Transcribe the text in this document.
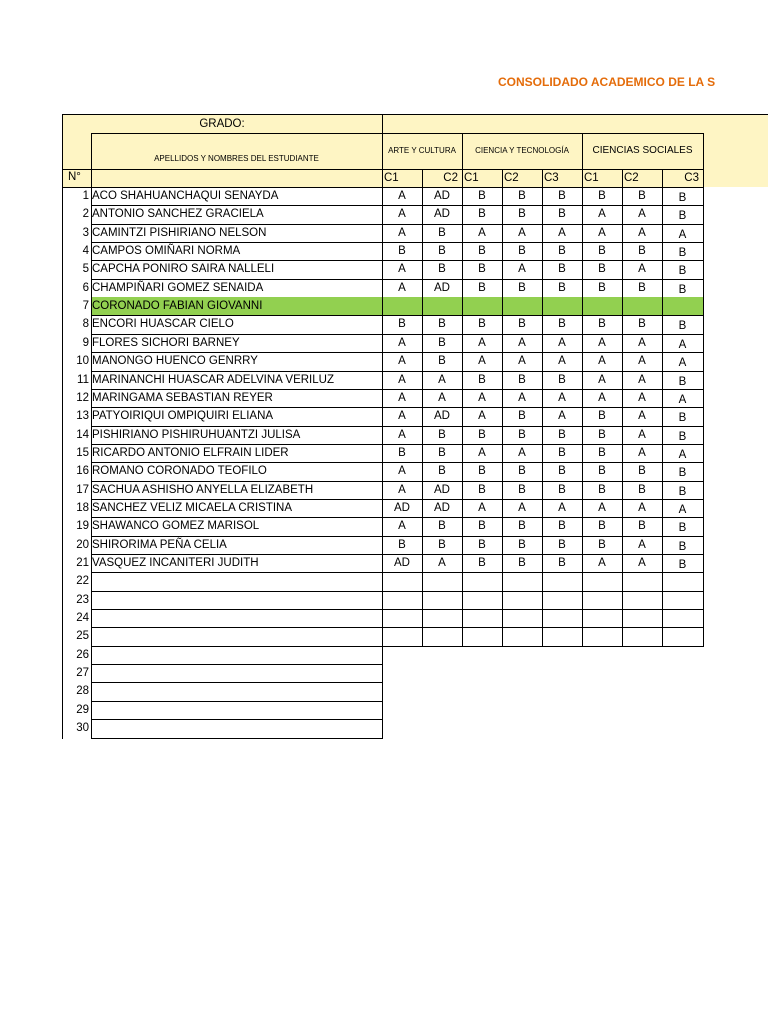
CONSOLIDADO ACADEMICO DE LA S
GRADO:
APELLIDOS Y NOMBRES DEL ESTUDIANTE
N°
ARTE Y CULTURA
C1	C2
CIENCIA Y TECNOLOGÍA
C1	C2	C3
CIENCIAS SOCIALES
C1	C2	C3
1 ACO SHAHUANCHAQUI SENAYDA	A	AD	B	B	B	B	B	B
2 ANTONIO SANCHEZ GRACIELA	A	AD	B	B	B	A	A	B
3 CAMINTZI PISHIRIANO NELSON	A	B	A	A	A	A	A	A
4 CAMPOS OMIÑARI NORMA	B	B	B	B	B	B	B	B
5 CAPCHA PONIRO SAIRA NALLELI	A	B	B	A	B	B	A	B
6 CHAMPIÑARI GOMEZ SENAIDA	A	AD	B	B	B	B	B	B
7 CORONADO FABIAN GIOVANNI
8 ENCORI HUASCAR CIELO	B	B	B	B	B	B	B	B
9 FLORES SICHORI BARNEY	A	B	A	A	A	A	A	A
10 MANONGO HUENCO GENRRY	A	B	A	A	A	A	A	A
11 MARINANCHI HUASCAR ADELVINA VERILUZ	A	A	B	B	B	A	A	B
12 MARINGAMA SEBASTIAN REYER	A	A	A	A	A	A	A	A
13 PATYOIRIQUI OMPIQUIRI ELIANA	A	AD	A	B	A	B	A	B
14 PISHIRIANO PISHIRUHUANTZI JULISA	A	B	B	B	B	B	A	B
15 RICARDO ANTONIO ELFRAIN LIDER	B	B	A	A	B	B	A	A
16 ROMANO CORONADO TEOFILO	A	B	B	B	B	B	B	B
17 SACHUA ASHISHO ANYELLA ELIZABETH	A	AD	B	B	B	B	B	B
18 SANCHEZ VELIZ MICAELA CRISTINA	AD	AD	A	A	A	A	A	A
19 SHAWANCO GOMEZ MARISOL	A	B	B	B	B	B	B	B
20 SHIRORIMA PEÑA CELIA	B	B	B	B	B	B	A	B
21 VASQUEZ INCANITERI JUDITH	AD	A	B	B	B	A	A	B
22
23
24
25
26
27
28
29
30
